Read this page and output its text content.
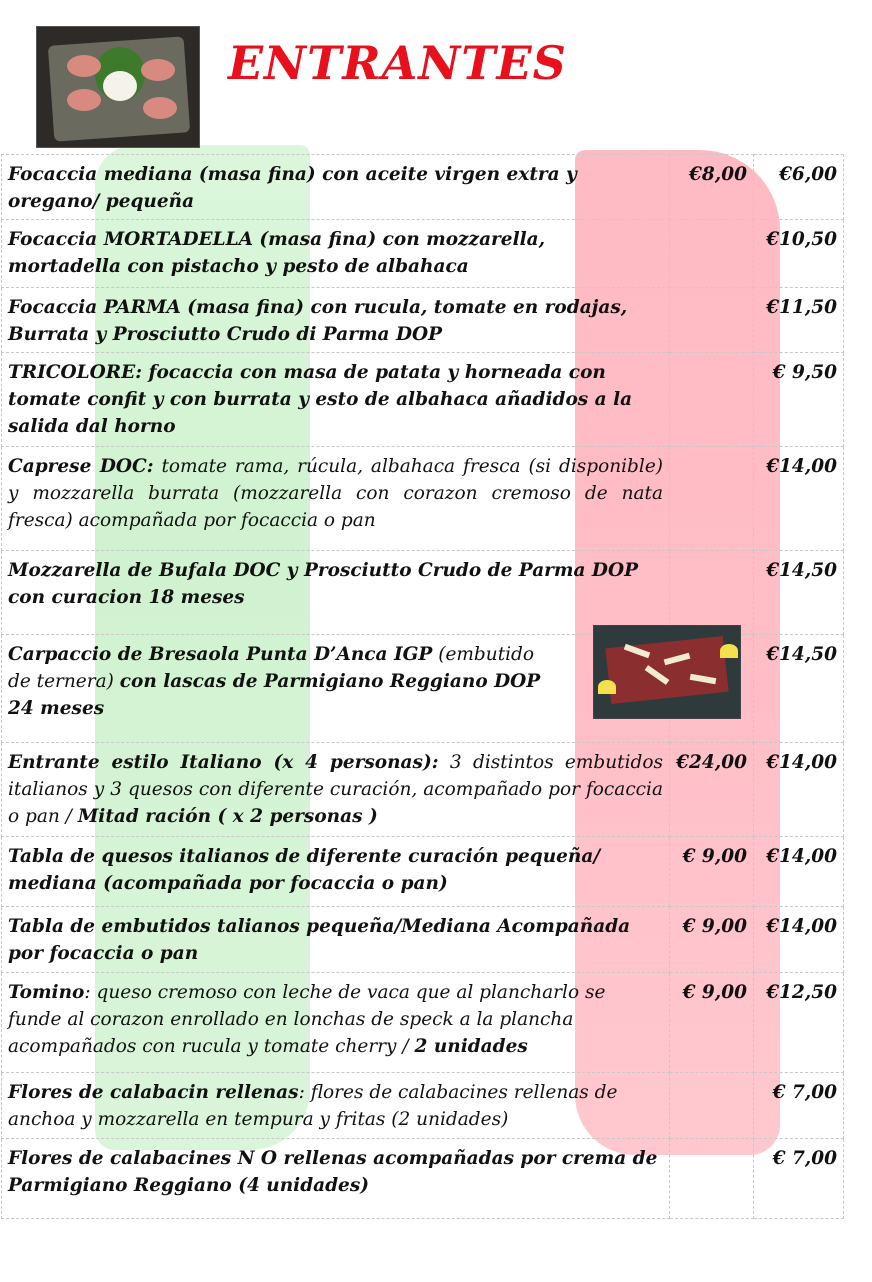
ENTRANTES
Focaccia mediana (masa fina) con aceite virgen extra y oregano/ pequeña	€8,00	€6,00
Focaccia MORTADELLA (masa fina) con mozzarella, mortadella con pistacho y pesto de albahaca		€10,50
Focaccia PARMA (masa fina) con rucula, tomate en rodajas, Burrata y Prosciutto Crudo di Parma DOP		€11,50
TRICOLORE: focaccia con masa de patata y horneada con tomate confit y con burrata y esto de albahaca añadidos a la salida dal horno		€ 9,50
Caprese DOC: tomate rama, rúcula, albahaca fresca (si disponible) y mozzarella burrata (mozzarella con corazon cremoso de nata fresca) acompañada por focaccia o pan		€14,00
Mozzarella de Bufala DOC y Prosciutto Crudo de Parma DOP con curacion 18 meses		€14,50

Carpaccio de Bresaola Punta D’Anca IGP (embutido de ternera) con lascas de Parmigiano Reggiano DOP 24 meses		€14,50
Entrante estilo Italiano (x 4 personas): 3 distintos embutidos italianos y 3 quesos con diferente curación, acompañado por focaccia o pan / Mitad ración ( x 2 personas )	€24,00	€14,00
Tabla de quesos italianos de diferente curación pequeña/ mediana (acompañada por focaccia o pan)	€ 9,00	€14,00
Tabla de embutidos talianos pequeña/Mediana Acompañada por focaccia o pan	€ 9,00	€14,00
Tomino: queso cremoso con leche de vaca que al plancharlo se funde al corazon enrollado en lonchas de speck a la plancha acompañados con rucula y tomate cherry / 2 unidades	€ 9,00	€12,50
Flores de calabacin rellenas: flores de calabacines rellenas de anchoa y mozzarella en tempura y fritas (2 unidades)		€ 7,00
Flores de calabacines N O rellenas acompañadas por crema de Parmigiano Reggiano (4 unidades)		€ 7,00
